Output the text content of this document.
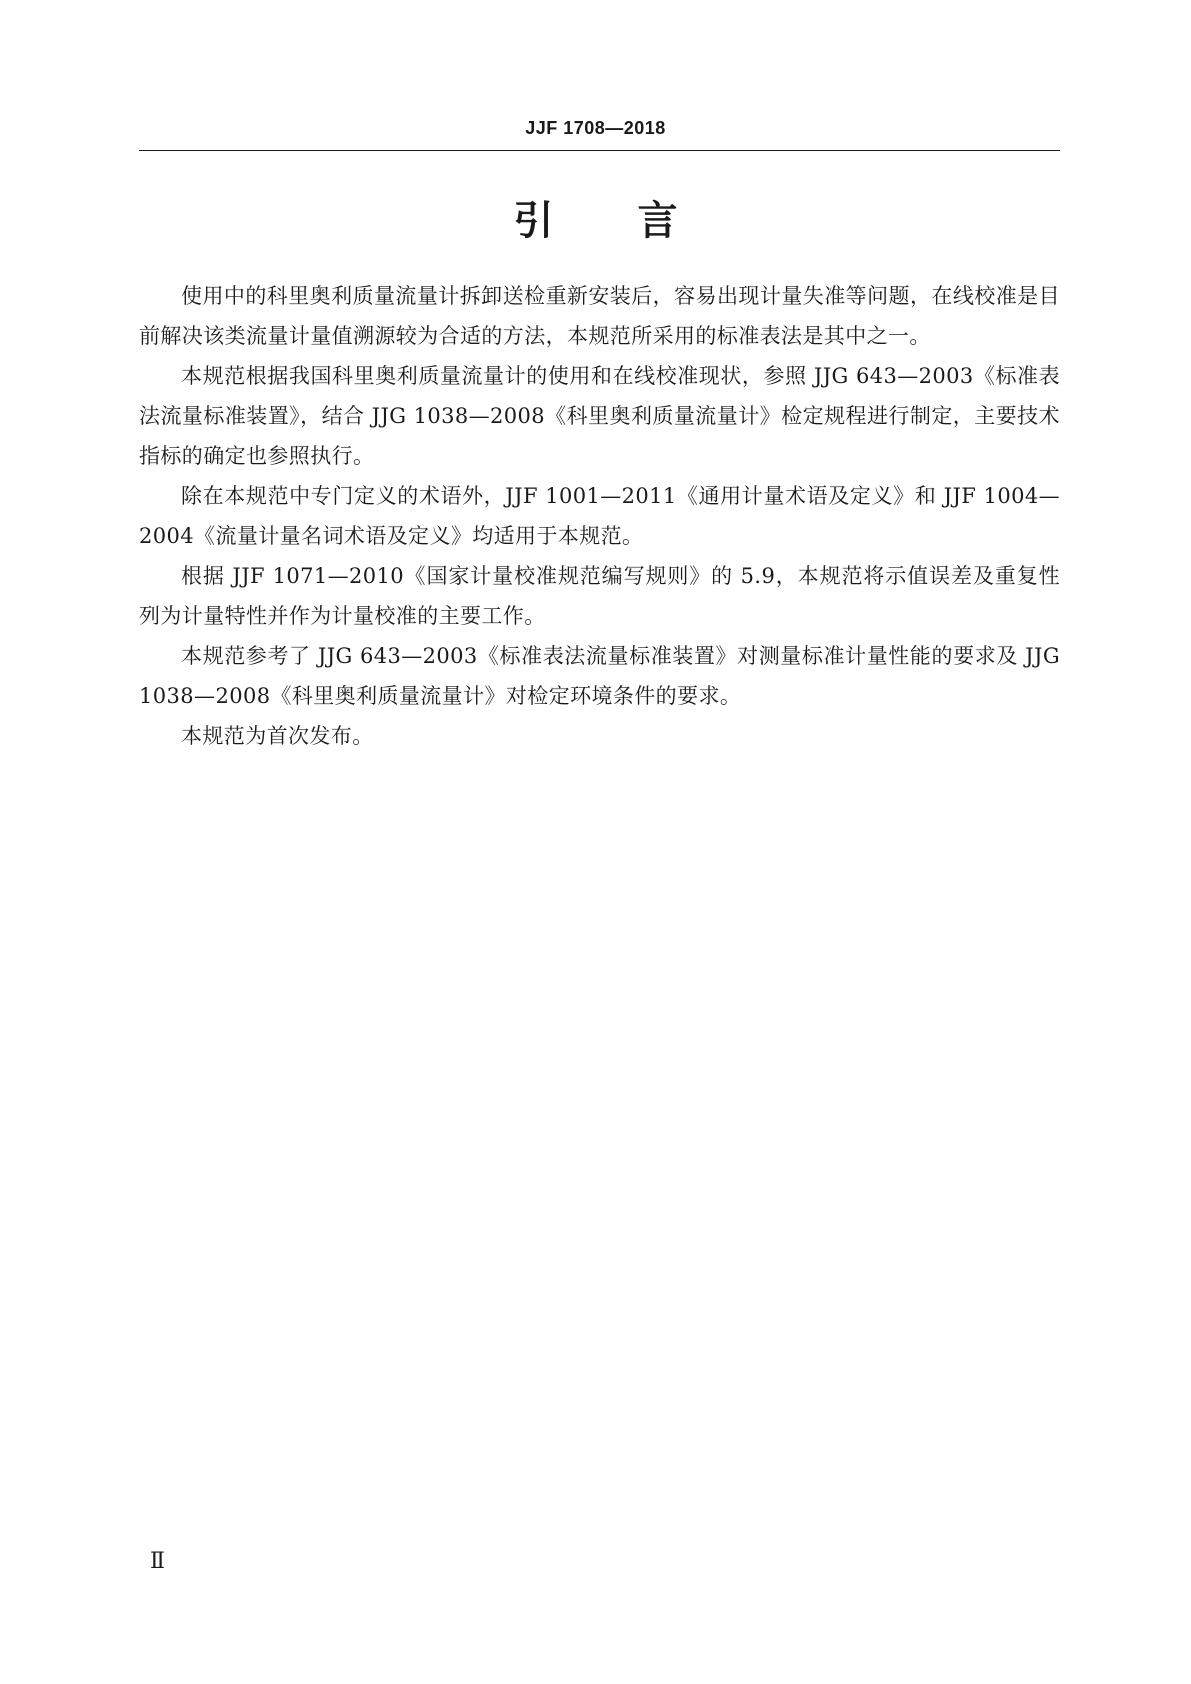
JJF 1708—2018
引言

使用中的科里奥利质量流量计拆卸送检重新安装后，容易出现计量失准等问题，在线校准是目前解决该类流量计量值溯源较为合适的方法，本规范所采用的标准表法是其中之一。

本规范根据我国科里奥利质量流量计的使用和在线校准现状，参照 JJG 643—2003《标准表法流量标准装置》，结合 JJG 1038—2008《科里奥利质量流量计》检定规程进行制定，主要技术指标的确定也参照执行。

除在本规范中专门定义的术语外，JJF 1001—2011《通用计量术语及定义》和 JJF 1004—2004《流量计量名词术语及定义》均适用于本规范。

根据 JJF 1071—2010《国家计量校准规范编写规则》的 5.9，本规范将示值误差及重复性列为计量特性并作为计量校准的主要工作。

本规范参考了 JJG 643—2003《标准表法流量标准装置》对测量标准计量性能的要求及 JJG 1038—2008《科里奥利质量流量计》对检定环境条件的要求。

本规范为首次发布。

Ⅱ
